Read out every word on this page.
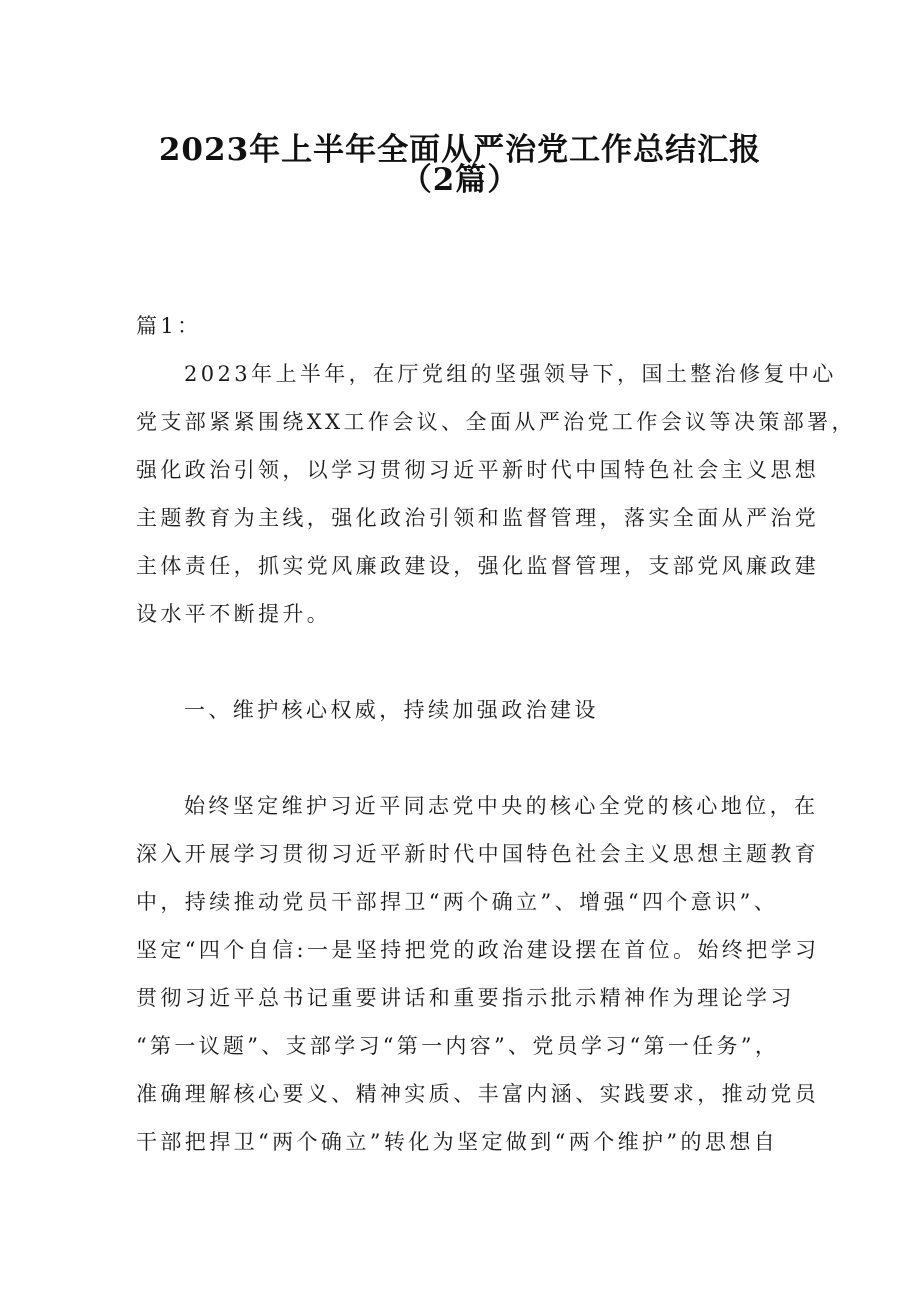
2023年上半年全面从严治党工作总结汇报
（2篇）
篇1：
2023年上半年，在厅党组的坚强领导下，国土整治修复中心
党支部紧紧围绕XX工作会议、全面从严治党工作会议等决策部署，
强化政治引领，以学习贯彻习近平新时代中国特色社会主义思想
主题教育为主线，强化政治引领和监督管理，落实全面从严治党
主体责任，抓实党风廉政建设，强化监督管理，支部党风廉政建
设水平不断提升。
一、维护核心权威，持续加强政治建设
始终坚定维护习近平同志党中央的核心全党的核心地位，在
深入开展学习贯彻习近平新时代中国特色社会主义思想主题教育
中，持续推动党员干部捍卫“两个确立”、增强“四个意识”、
坚定“四个自信:一是坚持把党的政治建设摆在首位。始终把学习
贯彻习近平总书记重要讲话和重要指示批示精神作为理论学习
“第一议题”、支部学习“第一内容”、党员学习“第一任务”，
准确理解核心要义、精神实质、丰富内涵、实践要求，推动党员
干部把捍卫“两个确立”转化为坚定做到“两个维护”的思想自
